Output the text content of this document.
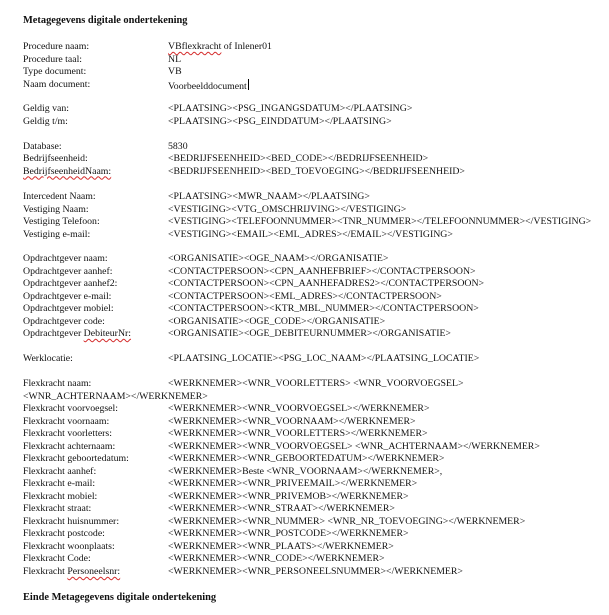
Metagegevens digitale ondertekening
Procedure naam:	VBflexkracht of Inlener01
Procedure taal:	NL
Type document:	VB
Naam document:	Voorbeelddocument
Geldig van:	<PLAATSING><PSG_INGANGSDATUM></PLAATSING>
Geldig t/m:	<PLAATSING><PSG_EINDDATUM></PLAATSING>
Database:	5830
Bedrijfseenheid:	<BEDRIJFSEENHEID><BED_CODE></BEDRIJFSEENHEID>
BedrijfseenheidNaam:	<BEDRIJFSEENHEID><BED_TOEVOEGING></BEDRIJFSEENHEID>
Intercedent Naam:	<PLAATSING><MWR_NAAM></PLAATSING>
Vestiging Naam:	<VESTIGING><VTG_OMSCHRIJVING></VESTIGING>
Vestiging Telefoon:	<VESTIGING><TELEFOONNUMMER><TNR_NUMMER></TELEFOONNUMMER></VESTIGING>
Vestiging e-mail:	<VESTIGING><EMAIL><EML_ADRES></EMAIL></VESTIGING>
Opdrachtgever naam:	<ORGANISATIE><OGE_NAAM></ORGANISATIE>
Opdrachtgever aanhef:	<CONTACTPERSOON><CPN_AANHEFBRIEF></CONTACTPERSOON>
Opdrachtgever aanhef2:	<CONTACTPERSOON><CPN_AANHEFADRES2></CONTACTPERSOON>
Opdrachtgever e-mail:	<CONTACTPERSOON><EML_ADRES></CONTACTPERSOON>
Opdrachtgever mobiel:	<CONTACTPERSOON><KTR_MBL_NUMMER></CONTACTPERSOON>
Opdrachtgever code:	<ORGANISATIE><OGE_CODE></ORGANISATIE>
Opdrachtgever DebiteurNr:	<ORGANISATIE><OGE_DEBITEURNUMMER></ORGANISATIE>
Werklocatie:	<PLAATSING_LOCATIE><PSG_LOC_NAAM></PLAATSING_LOCATIE>
Flexkracht naam:	<WERKNEMER><WNR_VOORLETTERS> <WNR_VOORVOEGSEL>
<WNR_ACHTERNAAM></WERKNEMER>
Flexkracht voorvoegsel:	<WERKNEMER><WNR_VOORVOEGSEL></WERKNEMER>
Flexkracht voornaam:	<WERKNEMER><WNR_VOORNAAM></WERKNEMER>
Flexkracht voorletters:	<WERKNEMER><WNR_VOORLETTERS></WERKNEMER>
Flexkracht achternaam:	<WERKNEMER><WNR_VOORVOEGSEL> <WNR_ACHTERNAAM></WERKNEMER>
Flexkracht geboortedatum:	<WERKNEMER><WNR_GEBOORTEDATUM></WERKNEMER>
Flexkracht aanhef:	<WERKNEMER>Beste <WNR_VOORNAAM></WERKNEMER>,
Flexkracht e-mail:	<WERKNEMER><WNR_PRIVEEMAIL></WERKNEMER>
Flexkracht mobiel:	<WERKNEMER><WNR_PRIVEMOB></WERKNEMER>
Flexkracht straat:	<WERKNEMER><WNR_STRAAT></WERKNEMER>
Flexkracht huisnummer:	<WERKNEMER><WNR_NUMMER> <WNR_NR_TOEVOEGING></WERKNEMER>
Flexkracht postcode:	<WERKNEMER><WNR_POSTCODE></WERKNEMER>
Flexkracht woonplaats:	<WERKNEMER><WNR_PLAATS></WERKNEMER>
Flexkracht Code:	<WERKNEMER><WNR_CODE></WERKNEMER>
Flexkracht Personeelsnr:	<WERKNEMER><WNR_PERSONEELSNUMMER></WERKNEMER>
Einde Metagegevens digitale ondertekening
